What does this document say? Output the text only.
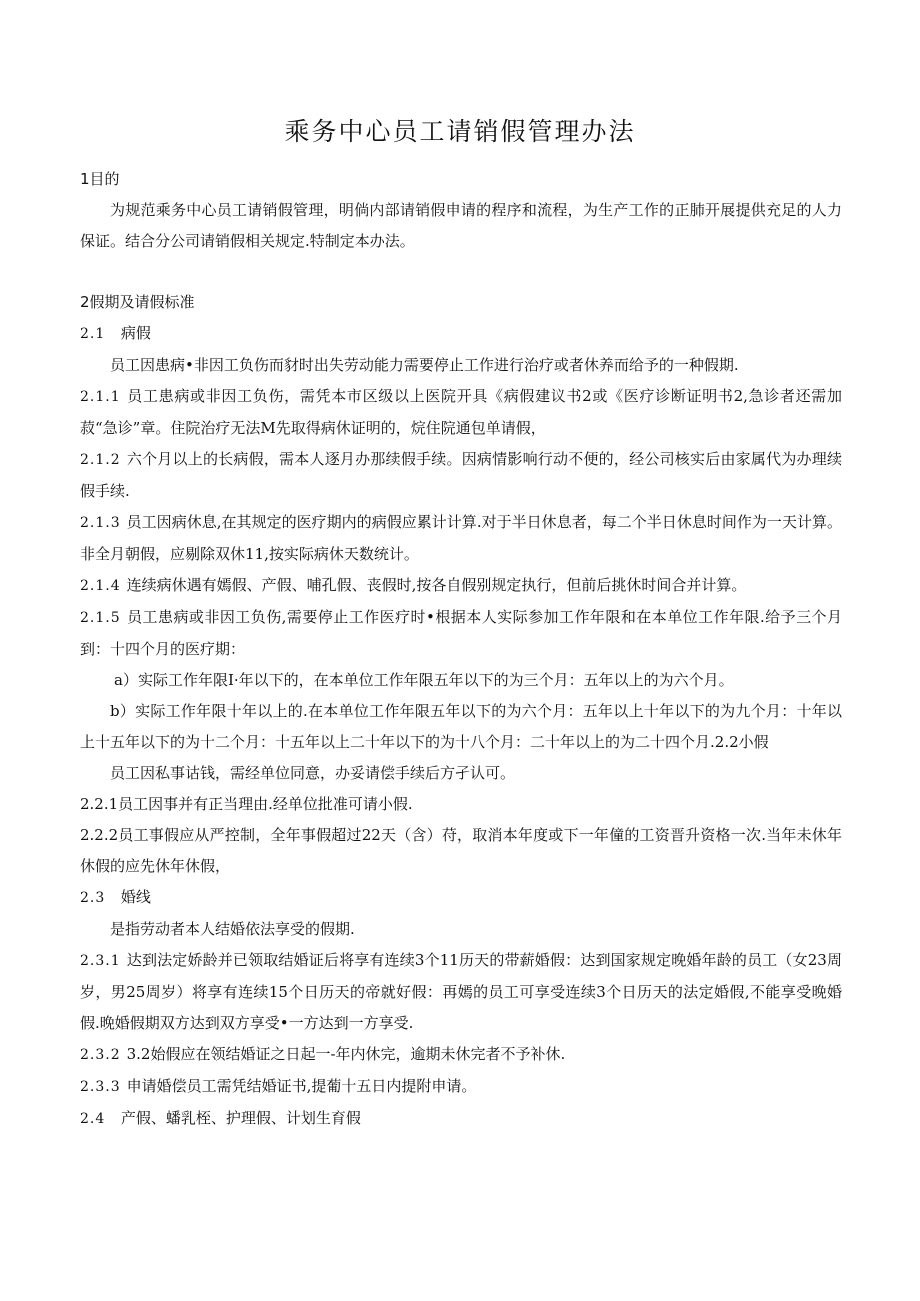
乘务中心员工请销假管理办法

1目的

为规范乘务中心员工请销假管理，明倘内部请销假申请的程序和流程，为生产工作的正肺开展提供充足的人力保证。结合分公司请销假相关规定.特制定本办法。

2假期及请假标准

2.1 病假

员工因患病•非因工负伤而豺时出失劳动能力需要停止工作进行治疗或者休养而给予的一种假期.

2.1.1 员工患病或非因工负伤，需凭本市区级以上医院开具《病假建议书2或《医疗诊断证明书2,急诊者还需加菽“急诊”章。住院治疗无法M先取得病休证明的，烷住院通包单请假，

2.1.2 六个月以上的长病假，需本人逐月办那续假手续。因病情影响行动不便的，经公司核实后由家属代为办理续假手续.

2.1.3 员工因病休息,在其规定的医疗期内的病假应累计计算.对于半日休息者，每二个半日休息时间作为一天计算。非全月朝假，应剔除双休11,按实际病休天数统计。

2.1.4 连续病休遇有嫣假、产假、哺孔假、丧假时,按各自假别规定执行，但前后挑休时间合并计算。

2.1.5 员工患病或非因工负伤,需要停止工作医疗时•根据本人实际参加工作年限和在本单位工作年限.给予三个月到：十四个月的医疗期：

a）实际工作年限I·年以下的，在本单位工作年限五年以下的为三个月：五年以上的为六个月。

b）实际工作年限十年以上的.在本单位工作年限五年以下的为六个月：五年以上十年以下的为九个月：十年以上十五年以下的为十二个月：十五年以上二十年以下的为十八个月：二十年以上的为二十四个月.2.2小假

员工因私事诂钱，需经单位同意，办妥请偿手续后方孑认可。

2.2.1员工因事并有正当理由.经单位批准可请小假.

2.2.2员工事假应从严控制，全年事假超过22天（含）苻，取消本年度或下一年僮的工资晋升资格一次.当年未休年休假的应先休年休假，

2.3 婚线

是指劳动者本人结婚依法享受的假期.

2.3.1 达到法定娇龄并已领取结婚证后将享有连续3个11历天的带薪婚假：达到国家规定晚婚年龄的员工（女23周岁，男25周岁）将享有连续15个日历天的帝就好假：再嫣的员工可享受连续3个日历天的法定婚假,不能享受晚婚假.晚婚假期双方达到双方享受•一方达到一方享受.

2.3.2 3.2始假应在领结婚证之日起一-年内休完，逾期未休完者不予补休.

2.3.3 申请婚偿员工需凭结婚证书,提葡十五日内提附申请。

2.4 产假、蟠乳桎、护理假、计划生育假
